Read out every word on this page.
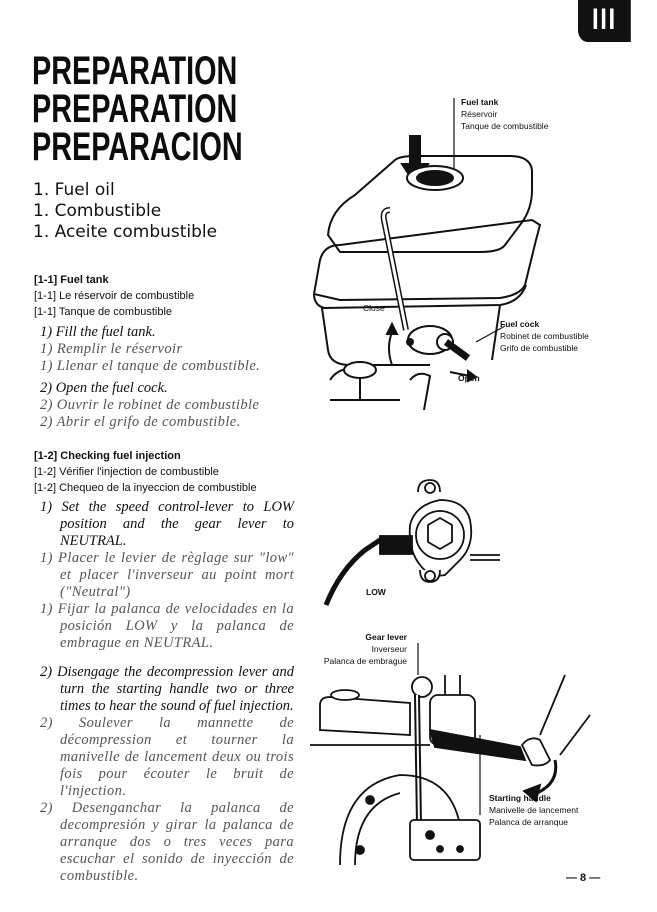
III
PREPARATION
PREPARATION
PREPARACION
1. Fuel oil
1. Combustible
1. Aceite combustible
[1-1] Fuel tank
[1-1] Le réservoir de combustible
[1-1] Tanque de combustible

1) Fill the fuel tank.

1) Remplir le réservoir

1) Llenar el tanque de combustible.

2) Open the fuel cock.

2) Ouvrir le robinet de combustible

2) Abrir el grifo de combustible.

[1-2] Checking fuel injection
[1-2] Vérifier l'injection de combustible
[1-2] Chequeo de la inyeccion de combustible

1) Set the speed control-lever to LOW position and the gear lever to NEUTRAL.

1) Placer le levier de règlage sur "low" et placer l'inverseur au point mort ("Neutral")

1) Fijar la palanca de velocidades en la posición LOW y la palanca de embrague en NEUTRAL.

2) Disengage the decompression lever and turn the starting handle two or three times to hear the sound of fuel injection.

2) Soulever la mannette de décompression et tourner la manivelle de lancement deux ou trois fois pour écouter le bruit de l'injection.

2) Desenganchar la palanca de decompresión y girar la palanca de arranque dos o tres veces para escuchar el sonido de inyección de combustible.

Fuel tank
Réservoir
Tanque de combustible
Close
Open
Fuel cock
Robinet de combustible
Grifo de combustible
LOW
Gear lever
Inverseur
Palanca de embrague
Starting handle
Manivelle de lancement
Palanca de arranque
— 8 —
